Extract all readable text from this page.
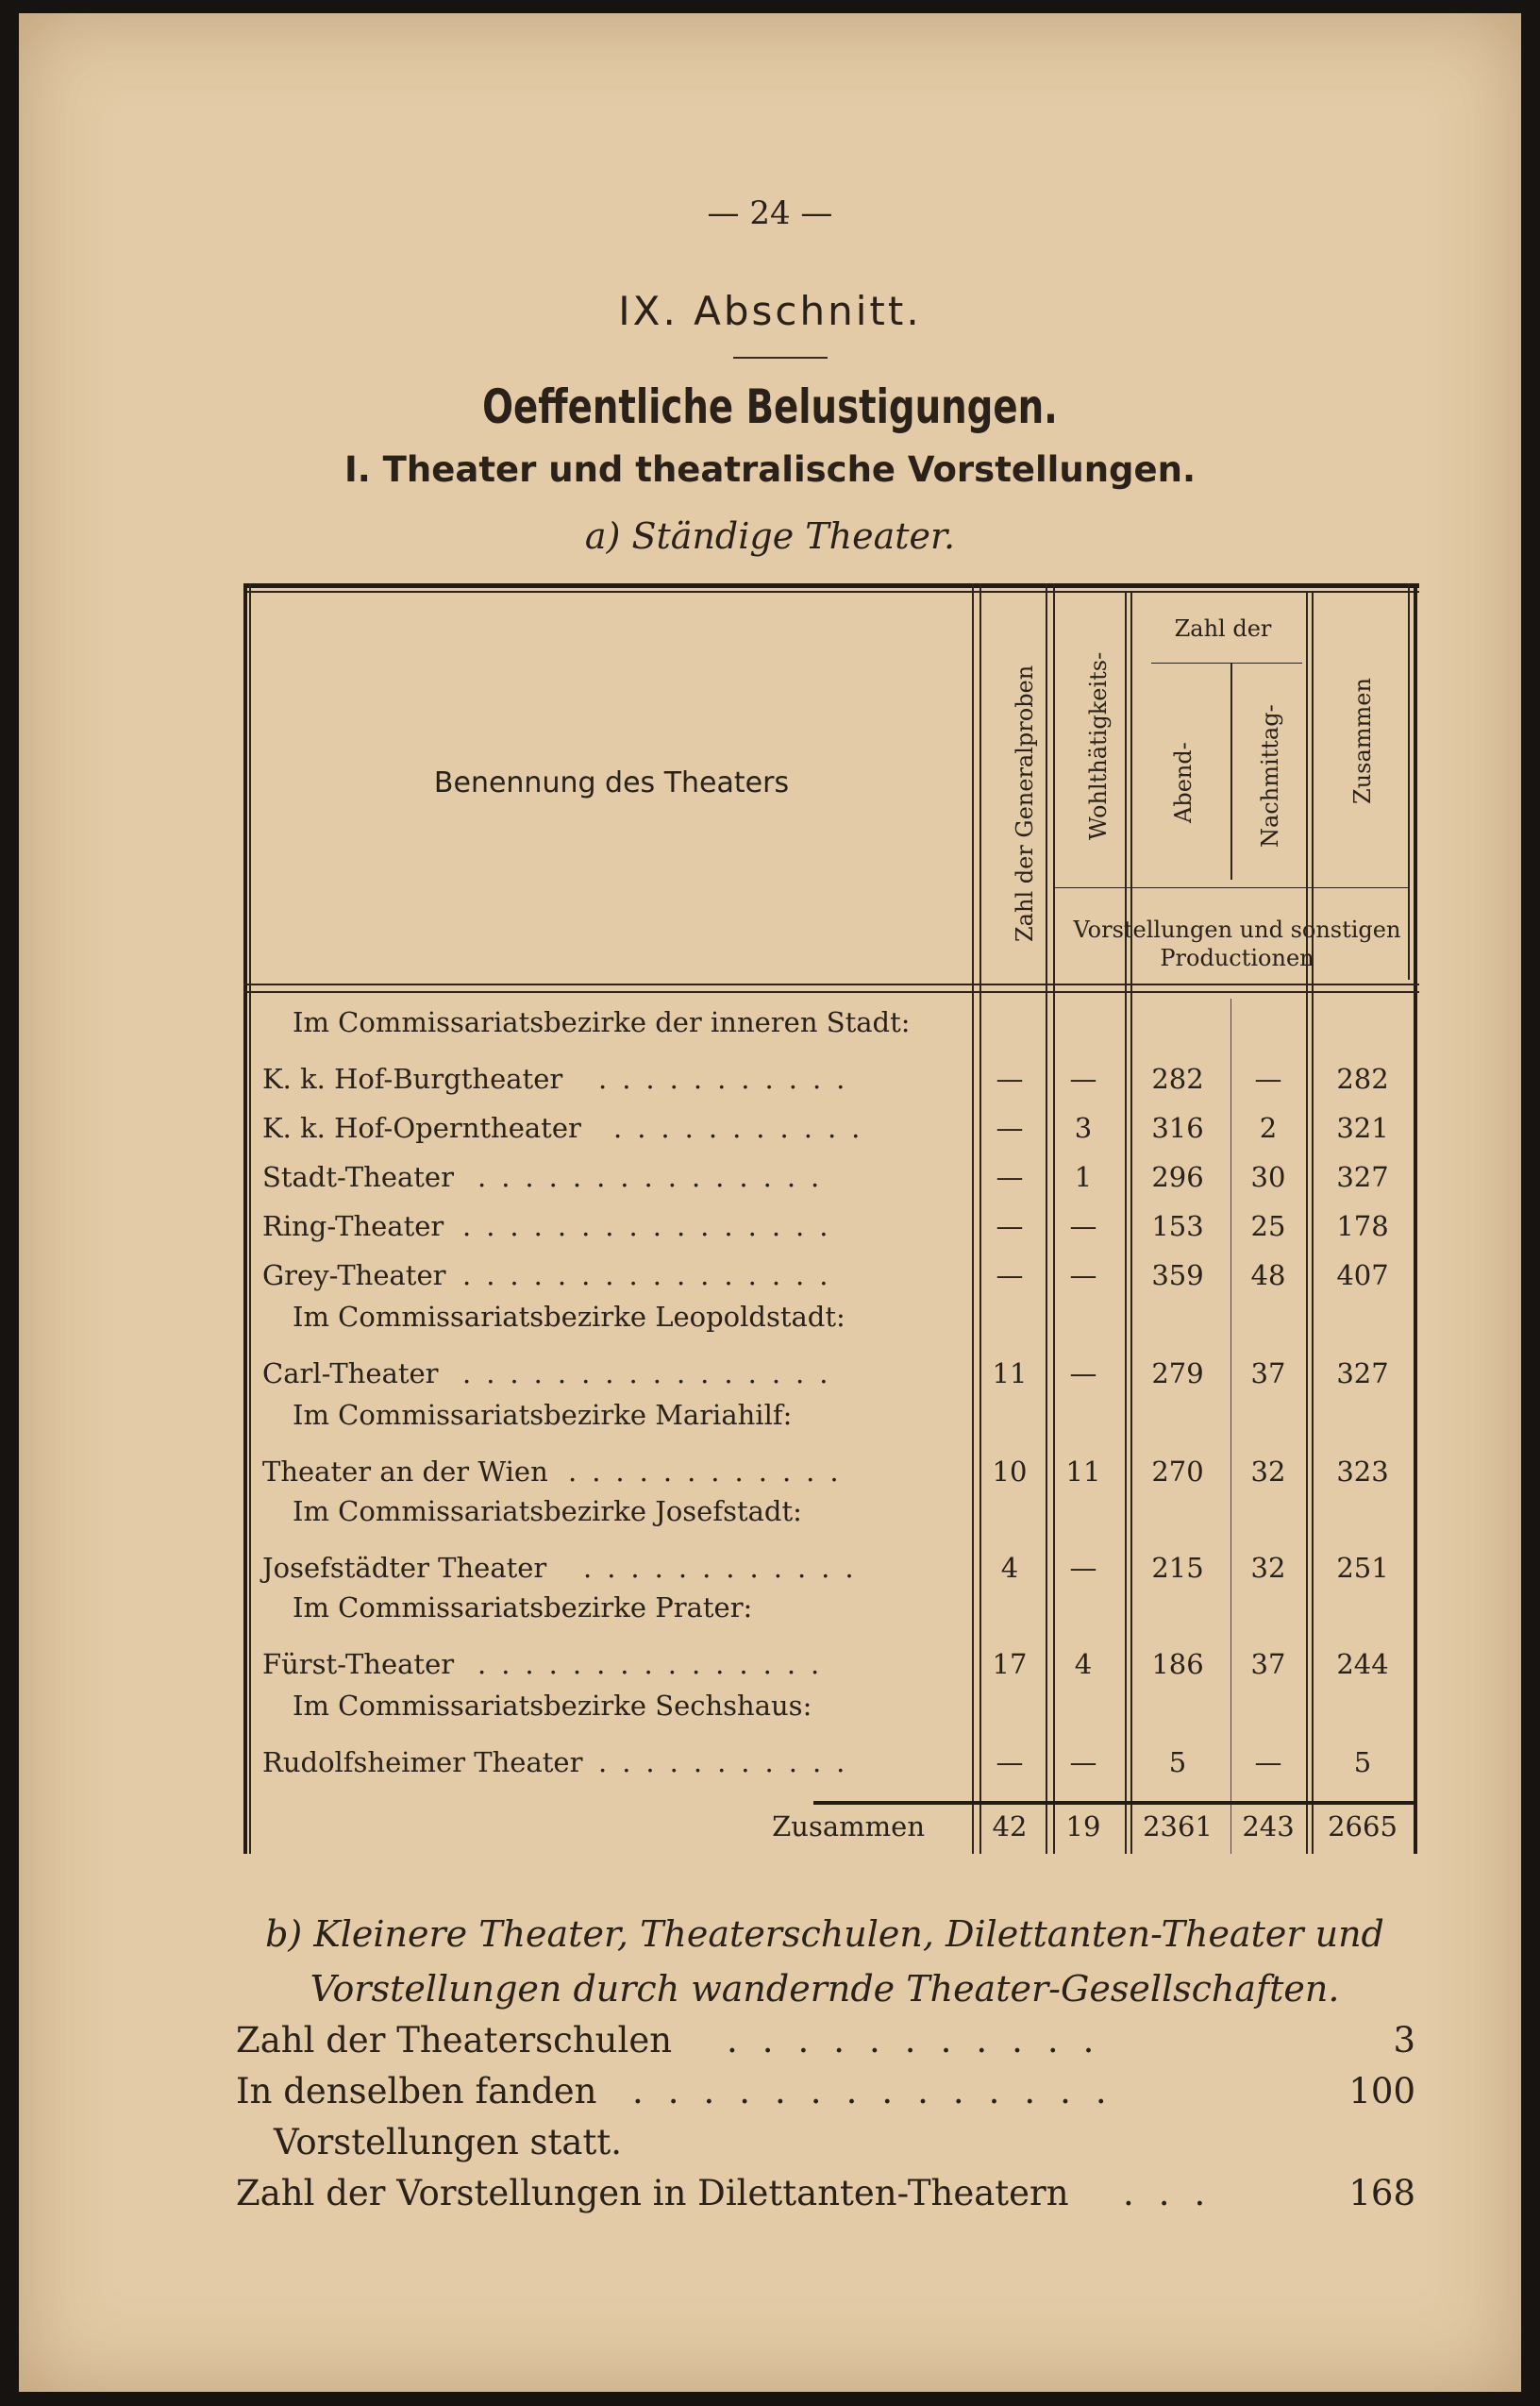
— 24 —
IX. Abschnitt.
Oeffentliche Belustigungen.
I. Theater und theatralische Vorstellungen.
a) Ständige Theater.
Benennung des Theaters	Zahl der Generalproben Wohlthätigkeits-
Zahl der
Abend-	Nachmittag-	Zusammen
Vorstellungen und sonstigen Productionen
Im Commissariatsbezirke der inneren Stadt:
Im Commissariatsbezirke Leopoldstadt:
Im Commissariatsbezirke Mariahilf:
Im Commissariatsbezirke Josefstadt:
Im Commissariatsbezirke Prater:
Im Commissariatsbezirke Sechshaus:
K. k. Hof-Burgtheater ...........	—	—	282	—	282
K. k. Hof-Operntheater ...........	—	3	316	2	321
Stadt-Theater ...............	—	1	296	30	327
Ring-Theater ................	—	—	153	25	178
Grey-Theater ................	—	—	359	48	407
Carl-Theater ................	11	—	279	37	327
Theater an der Wien ............	10	11	270	32	323
Josefstädter Theater ............	4	—	215	32	251
Fürst-Theater ...............	17	4	186	37	244
Rudolfsheimer Theater ...........	—	—	5	—	5
Zusammen	42	19	2361	243	2665
b) Kleinere Theater, Theaterschulen, Dilettanten-Theater und Vorstellungen durch wandernde Theater-Gesellschaften.
Zahl der Theaterschulen ...........	3
In denselben fanden ..............	100
Vorstellungen statt.
Zahl der Vorstellungen in Dilettanten-Theatern ...	168
